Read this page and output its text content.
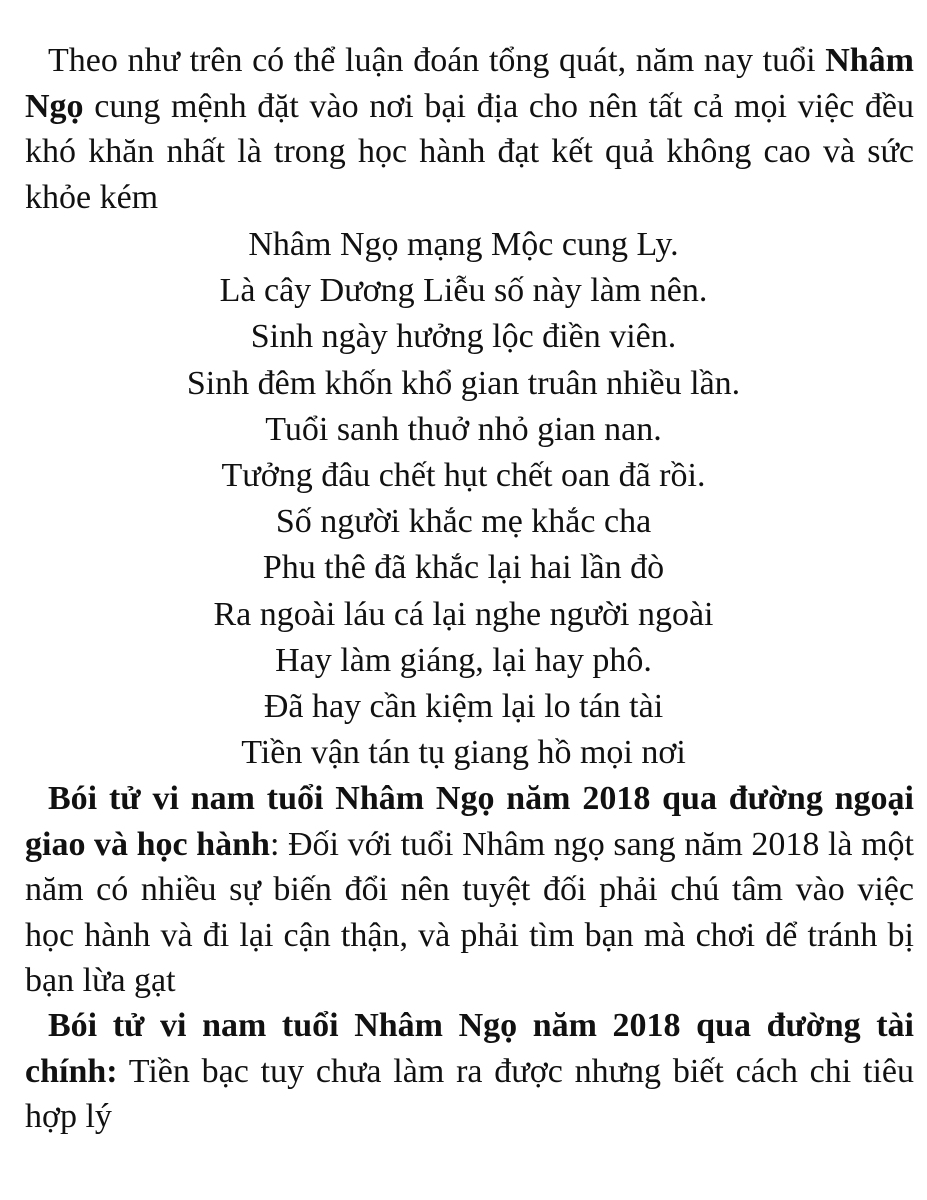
Theo như trên có thể luận đoán tổng quát, năm nay tuổi Nhâm Ngọ cung mệnh đặt vào nơi bại địa cho nên tất cả mọi việc đều khó khăn nhất là trong học hành đạt kết quả không cao và sức khỏe kém

Nhâm Ngọ mạng Mộc cung Ly.
Là cây Dương Liễu số này làm nên.
Sinh ngày hưởng lộc điền viên.
Sinh đêm khốn khổ gian truân nhiều lần.
Tuổi sanh thuở nhỏ gian nan.
Tưởng đâu chết hụt chết oan đã rồi.
Số người khắc mẹ khắc cha
Phu thê đã khắc lại hai lần đò
Ra ngoài láu cá lại nghe người ngoài
Hay làm giáng, lại hay phô.
Đã hay cần kiệm lại lo tán tài
Tiền vận tán tụ giang hồ mọi nơi

Bói tử vi nam tuổi Nhâm Ngọ năm 2018 qua đường ngoại giao và học hành: Đối với tuổi Nhâm ngọ sang năm 2018 là một năm có nhiều sự biến đổi nên tuyệt đối phải chú tâm vào việc học hành và đi lại cận thận, và phải tìm bạn mà chơi dể tránh bị bạn lừa gạt

Bói tử vi nam tuổi Nhâm Ngọ năm 2018 qua đường tài chính: Tiền bạc tuy chưa làm ra được nhưng biết cách chi tiêu hợp lý
